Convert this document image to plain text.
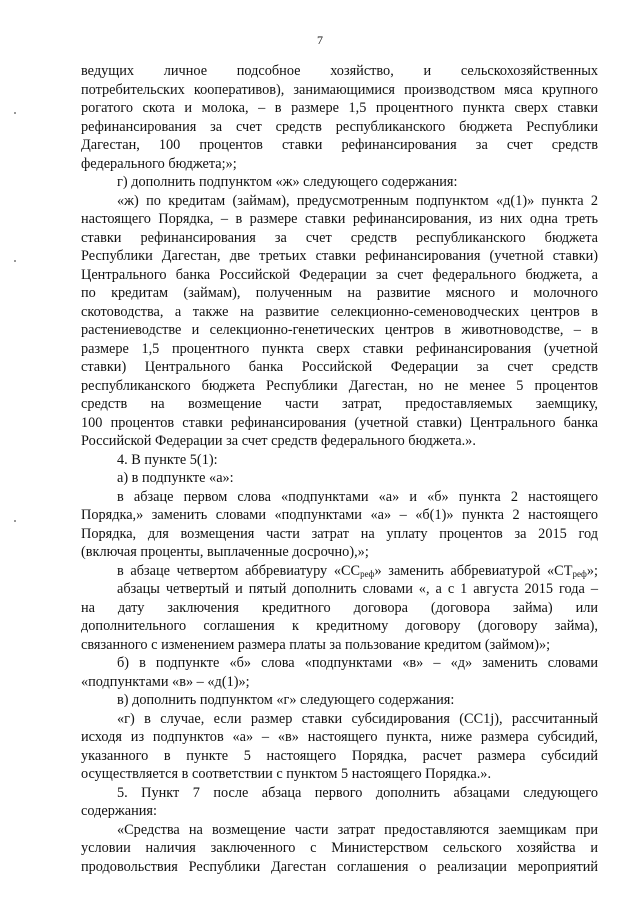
7
ведущих личное подсобное хозяйство, и сельскохозяйственных
потребительских кооперативов), занимающимися производством мяса крупного
рогатого скота и молока, – в размере 1,5 процентного пункта сверх ставки
рефинансирования за счет средств республиканского бюджета Республики
Дагестан, 100 процентов ставки рефинансирования за счет средств
федерального бюджета;»;
г) дополнить подпунктом «ж» следующего содержания:
«ж) по кредитам (займам), предусмотренным подпунктом «д(1)» пункта 2
настоящего Порядка, – в размере ставки рефинансирования, из них одна треть
ставки рефинансирования за счет средств республиканского бюджета
Республики Дагестан, две третьих ставки рефинансирования (учетной ставки)
Центрального банка Российской Федерации за счет федерального бюджета, а
по кредитам (займам), полученным на развитие мясного и молочного
скотоводства, а также на развитие селекционно-семеноводческих центров в
растениеводстве и селекционно-генетических центров в животноводстве, – в
размере 1,5 процентного пункта сверх ставки рефинансирования (учетной
ставки) Центрального банка Российской Федерации за счет средств
республиканского бюджета Республики Дагестан, но не менее 5 процентов
средств на возмещение части затрат, предоставляемых заемщику,
100 процентов ставки рефинансирования (учетной ставки) Центрального банка
Российской Федерации за счет средств федерального бюджета.».
4. В пункте 5(1):
а) в подпункте «а»:
в абзаце первом слова «подпунктами «а» и «б» пункта 2 настоящего
Порядка,» заменить словами «подпунктами «а» – «б(1)» пункта 2 настоящего
Порядка, для возмещения части затрат на уплату процентов за 2015 год
(включая проценты, выплаченные досрочно),»;
в абзаце четвертом аббревиатуру «$СС_{реф}$» заменить аббревиатурой «$СТ_{реф}$»;
абзацы четвертый и пятый дополнить словами «, а с 1 августа 2015 года –
на дату заключения кредитного договора (договора займа) или
дополнительного соглашения к кредитному договору (договору займа),
связанного с изменением размера платы за пользование кредитом (займом)»;
б) в подпункте «б» слова «подпунктами «в» – «д» заменить словами
«подпунктами «в» – «д(1)»;
в) дополнить подпунктом «г» следующего содержания:
«г) в случае, если размер ставки субсидирования (СС1j), рассчитанный
исходя из подпунктов «а» – «в» настоящего пункта, ниже размера субсидий,
указанного в пункте 5 настоящего Порядка, расчет размера субсидий
осуществляется в соответствии с пунктом 5 настоящего Порядка.».
5. Пункт 7 после абзаца первого дополнить абзацами следующего
содержания:
«Средства на возмещение части затрат предоставляются заемщикам при
условии наличия заключенного с Министерством сельского хозяйства и
продовольствия Республики Дагестан соглашения о реализации мероприятий
